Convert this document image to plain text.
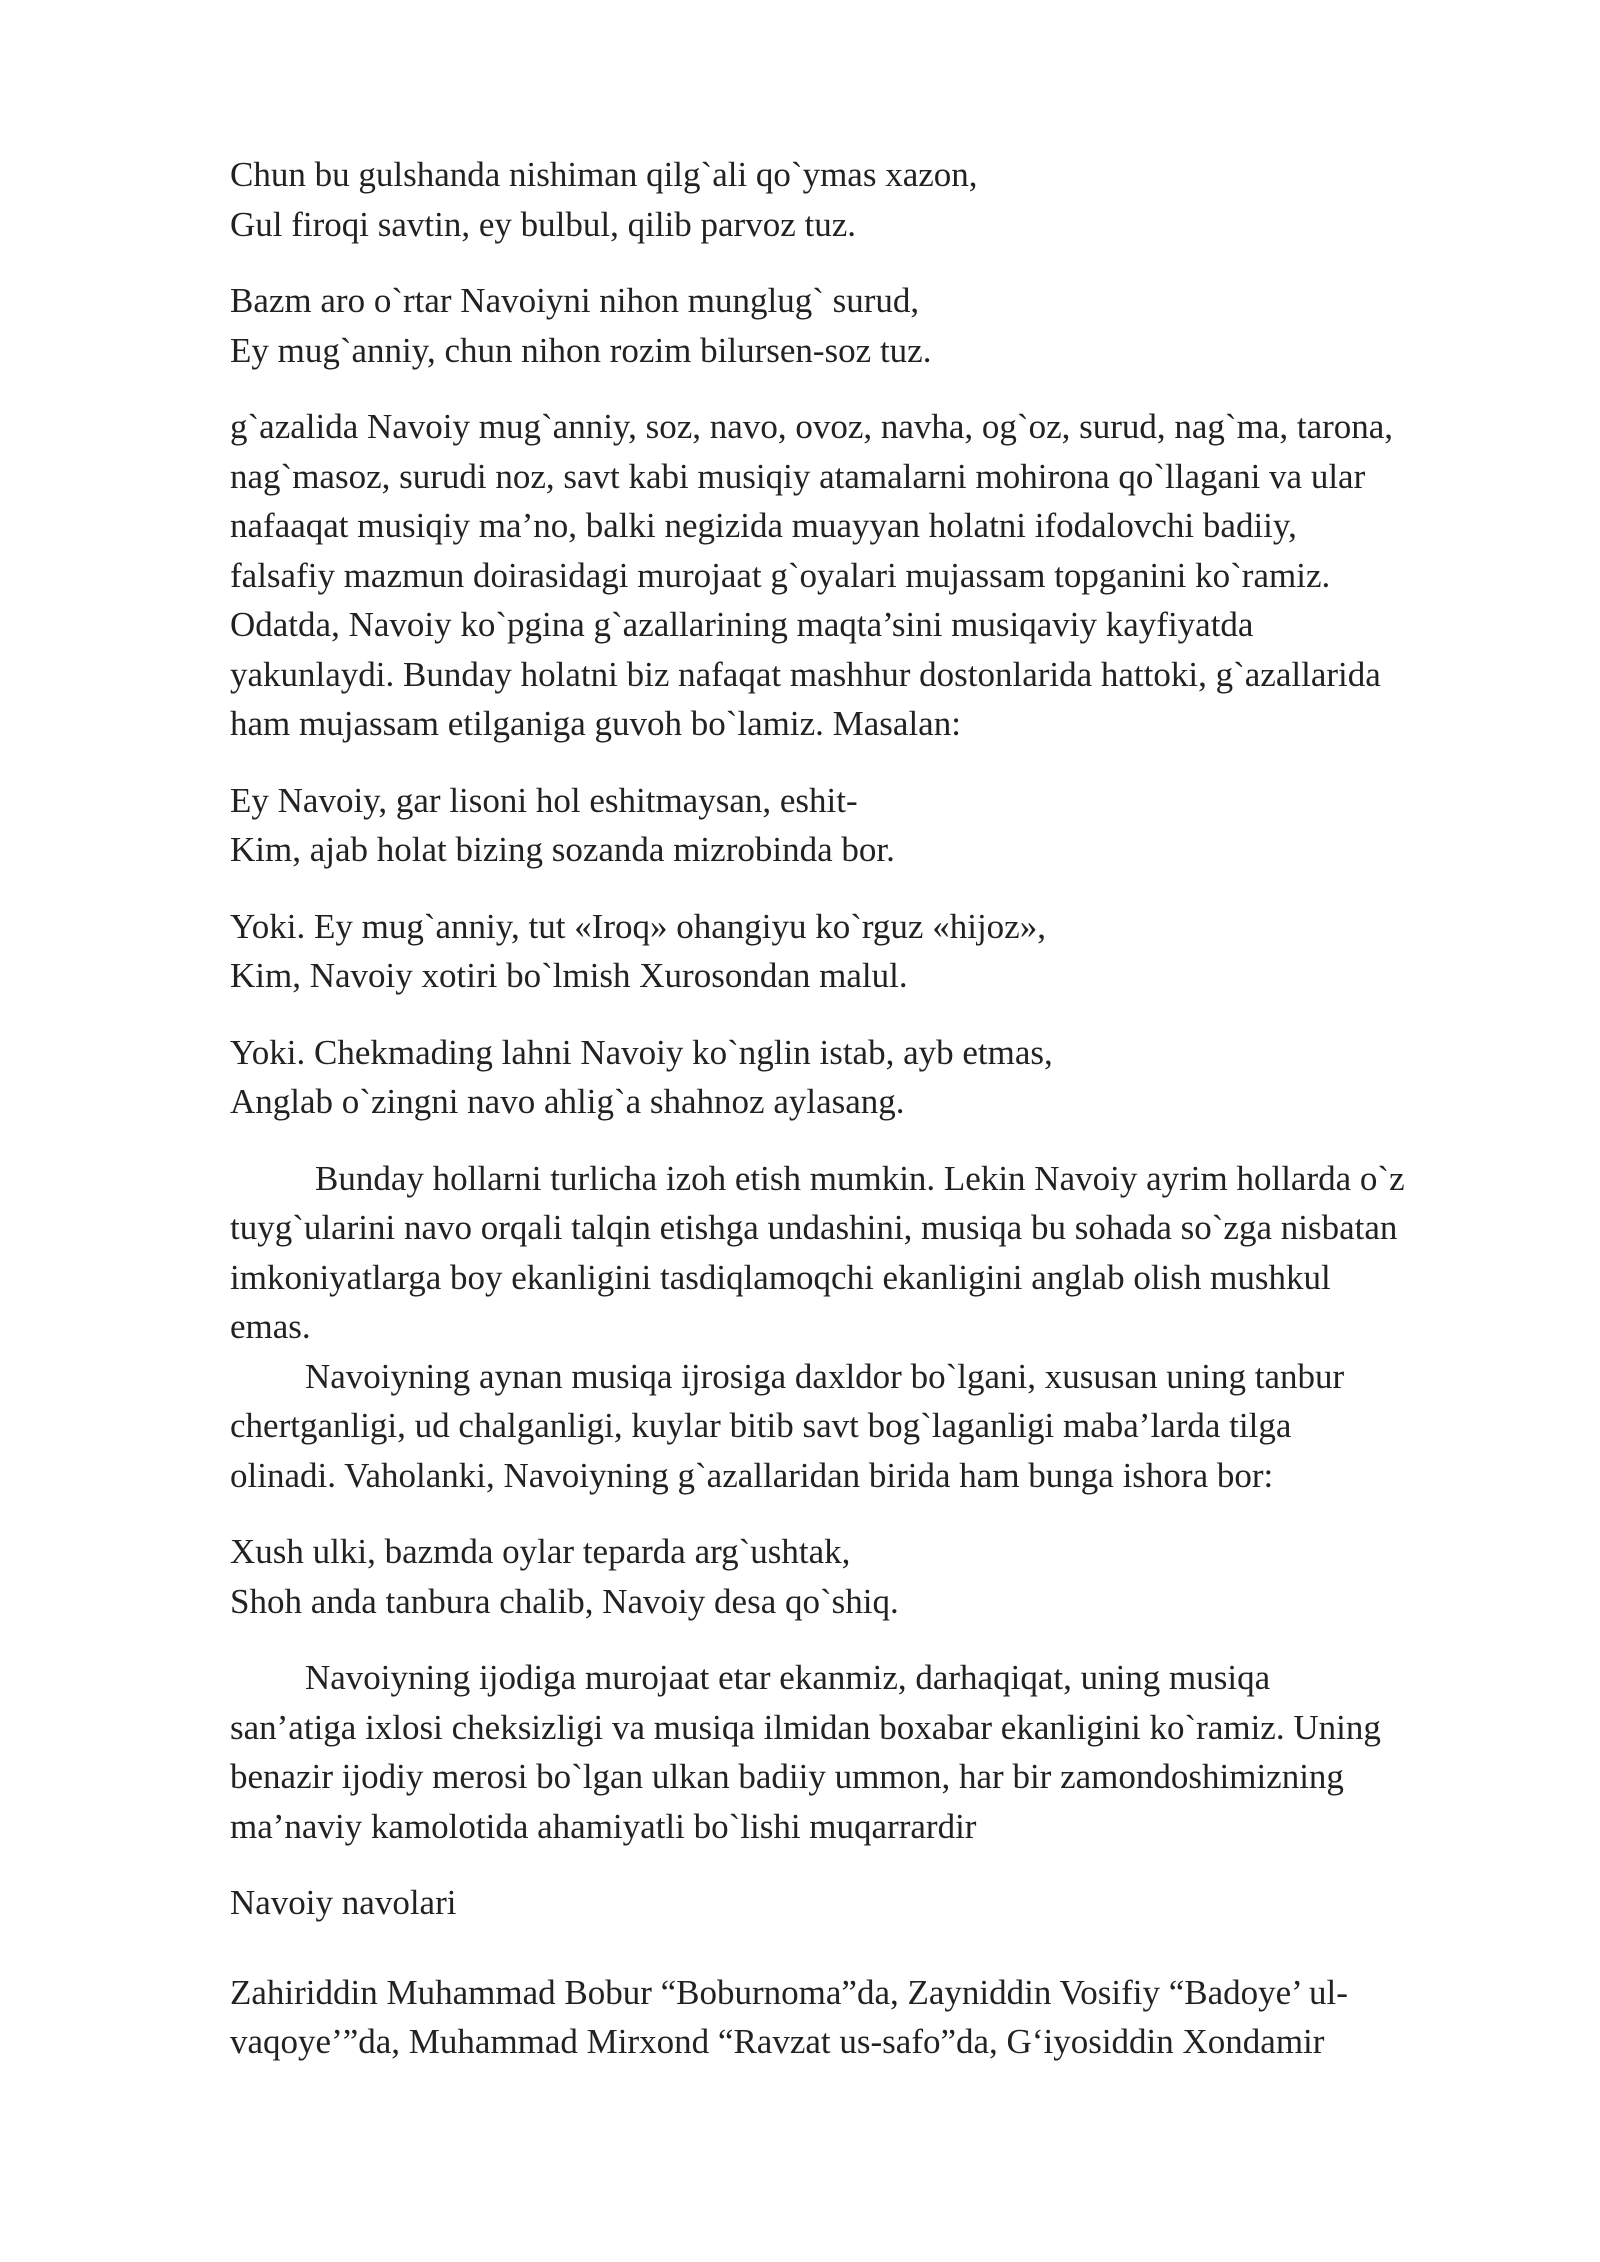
Chun bu gulshanda nishiman qilg`ali qo`ymas xazon,
Gul firoqi savtin, ey bulbul, qilib parvoz tuz.
Bazm aro o`rtar Navoiyni nihon munglug` surud,
Ey mug`anniy, chun nihon rozim bilursen-soz tuz.
g`azalida Navoiy mug`anniy, soz, navo, ovoz, navha, og`oz, surud, nag`ma, tarona,
nag`masoz, surudi noz, savt kabi musiqiy atamalarni mohirona qo`llagani va ular
nafaaqat musiqiy ma’no, balki negizida muayyan holatni ifodalovchi badiiy,
falsafiy mazmun doirasidagi murojaat g`oyalari mujassam topganini ko`ramiz.
Odatda, Navoiy ko`pgina g`azallarining maqta’sini musiqaviy kayfiyatda
yakunlaydi. Bunday holatni biz nafaqat mashhur dostonlarida hattoki, g`azallarida
ham mujassam etilganiga guvoh bo`lamiz. Masalan:
Ey Navoiy, gar lisoni hol eshitmaysan, eshit-
Kim, ajab holat bizing sozanda mizrobinda bor.
Yoki. Ey mug`anniy, tut «Iroq» ohangiyu ko`rguz «hijoz»,
Kim, Navoiy xotiri bo`lmish Xurosondan malul.
Yoki. Chekmading lahni Navoiy ko`nglin istab, ayb etmas,
Anglab o`zingni navo ahlig`a shahnoz aylasang.
Bunday hollarni turlicha izoh etish mumkin. Lekin Navoiy ayrim hollarda o`z
tuyg`ularini navo orqali talqin etishga undashini, musiqa bu sohada so`zga nisbatan
imkoniyatlarga boy ekanligini tasdiqlamoqchi ekanligini anglab olish mushkul
emas.
Navoiyning aynan musiqa ijrosiga daxldor bo`lgani, xususan uning tanbur
chertganligi, ud chalganligi, kuylar bitib savt bog`laganligi maba’larda tilga
olinadi. Vaholanki, Navoiyning g`azallaridan birida ham bunga ishora bor:
Xush ulki, bazmda oylar teparda arg`ushtak,
Shoh anda tanbura chalib, Navoiy desa qo`shiq.
Navoiyning ijodiga murojaat etar ekanmiz, darhaqiqat, uning musiqa
san’atiga ixlosi cheksizligi va musiqa ilmidan boxabar ekanligini ko`ramiz. Uning
benazir ijodiy merosi bo`lgan ulkan badiiy ummon, har bir zamondoshimizning
ma’naviy kamolotida ahamiyatli bo`lishi muqarrardir
Navoiy navolari
Zahiriddin Muhammad Bobur “Boburnoma”da, Zayniddin Vosifiy “Badoye’ ul-
vaqoye’”da, Muhammad Mirxond “Ravzat us-safo”da, G‘iyosiddin Xondamir
